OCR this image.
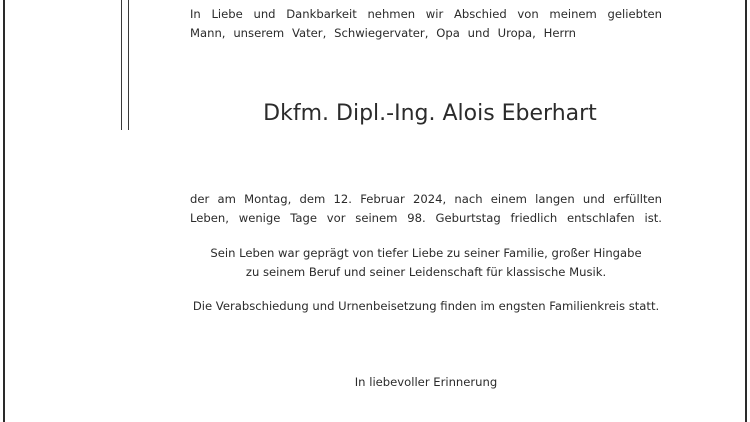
In Liebe und Dankbarkeit nehmen wir Abschied von meinem geliebten
Mann, unserem Vater, Schwiegervater, Opa und Uropa, Herrn
Dkfm. Dipl.-Ing. Alois Eberhart
der am Montag, dem 12. Februar 2024, nach einem langen und erfüllten
Leben, wenige Tage vor seinem 98. Geburtstag friedlich entschlafen ist.
Sein Leben war geprägt von tiefer Liebe zu seiner Familie, großer Hingabe
zu seinem Beruf und seiner Leidenschaft für klassische Musik.
Die Verabschiedung und Urnenbeisetzung finden im engsten Familienkreis statt.
In liebevoller Erinnerung
